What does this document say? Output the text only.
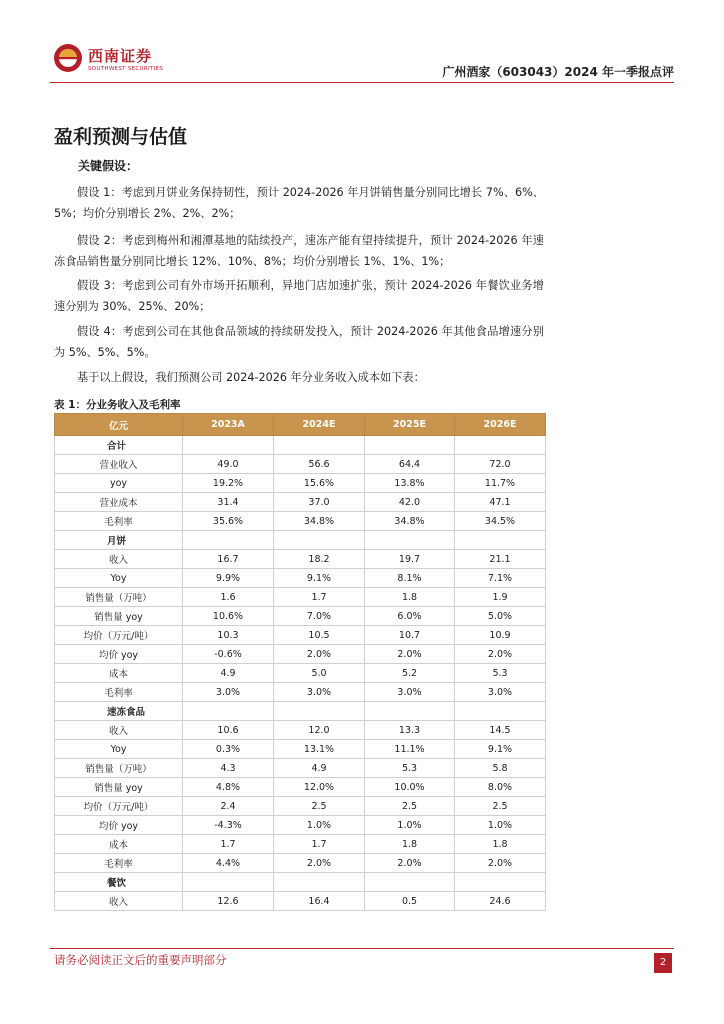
西南证券
SOUTHWEST SECURITIES	广州酒家（603043）2024 年一季报点评
盈利预测与估值
关键假设：
假设 1：考虑到月饼业务保持韧性，预计 2024-2026 年月饼销售量分别同比增长 7%、6%、5%；均价分别增长 2%、2%、2%；
假设 2：考虑到梅州和湘潭基地的陆续投产，速冻产能有望持续提升，预计 2024-2026 年速冻食品销售量分别同比增长 12%、10%、8%；均价分别增长 1%、1%、1%；
假设 3：考虑到公司有外市场开拓顺利，异地门店加速扩张，预计 2024-2026 年餐饮业务增速分别为 30%、25%、20%；
假设 4：考虑到公司在其他食品领域的持续研发投入，预计 2024-2026 年其他食品增速分别为 5%、5%、5%。
基于以上假设，我们预测公司 2024-2026 年分业务收入成本如下表：
表 1：分业务收入及毛利率
亿元	2023A	2024E	2025E	2026E
合计				
营业收入	49.0	56.6	64.4	72.0
yoy	19.2%	15.6%	13.8%	11.7%
营业成本	31.4	37.0	42.0	47.1
毛利率	35.6%	34.8%	34.8%	34.5%
月饼				
收入	16.7	18.2	19.7	21.1
Yoy	9.9%	9.1%	8.1%	7.1%
销售量（万吨）	1.6	1.7	1.8	1.9
销售量 yoy	10.6%	7.0%	6.0%	5.0%
均价（万元/吨）	10.3	10.5	10.7	10.9
均价 yoy	-0.6%	2.0%	2.0%	2.0%
成本	4.9	5.0	5.2	5.3
毛利率	3.0%	3.0%	3.0%	3.0%
速冻食品				
收入	10.6	12.0	13.3	14.5
Yoy	0.3%	13.1%	11.1%	9.1%
销售量（万吨）	4.3	4.9	5.3	5.8
销售量 yoy	4.8%	12.0%	10.0%	8.0%
均价（万元/吨）	2.4	2.5	2.5	2.5
均价 yoy	-4.3%	1.0%	1.0%	1.0%
成本	1.7	1.7	1.8	1.8
毛利率	4.4%	2.0%	2.0%	2.0%
餐饮				
收入	12.6	16.4	0.5	24.6
请务必阅读正文后的重要声明部分	2
